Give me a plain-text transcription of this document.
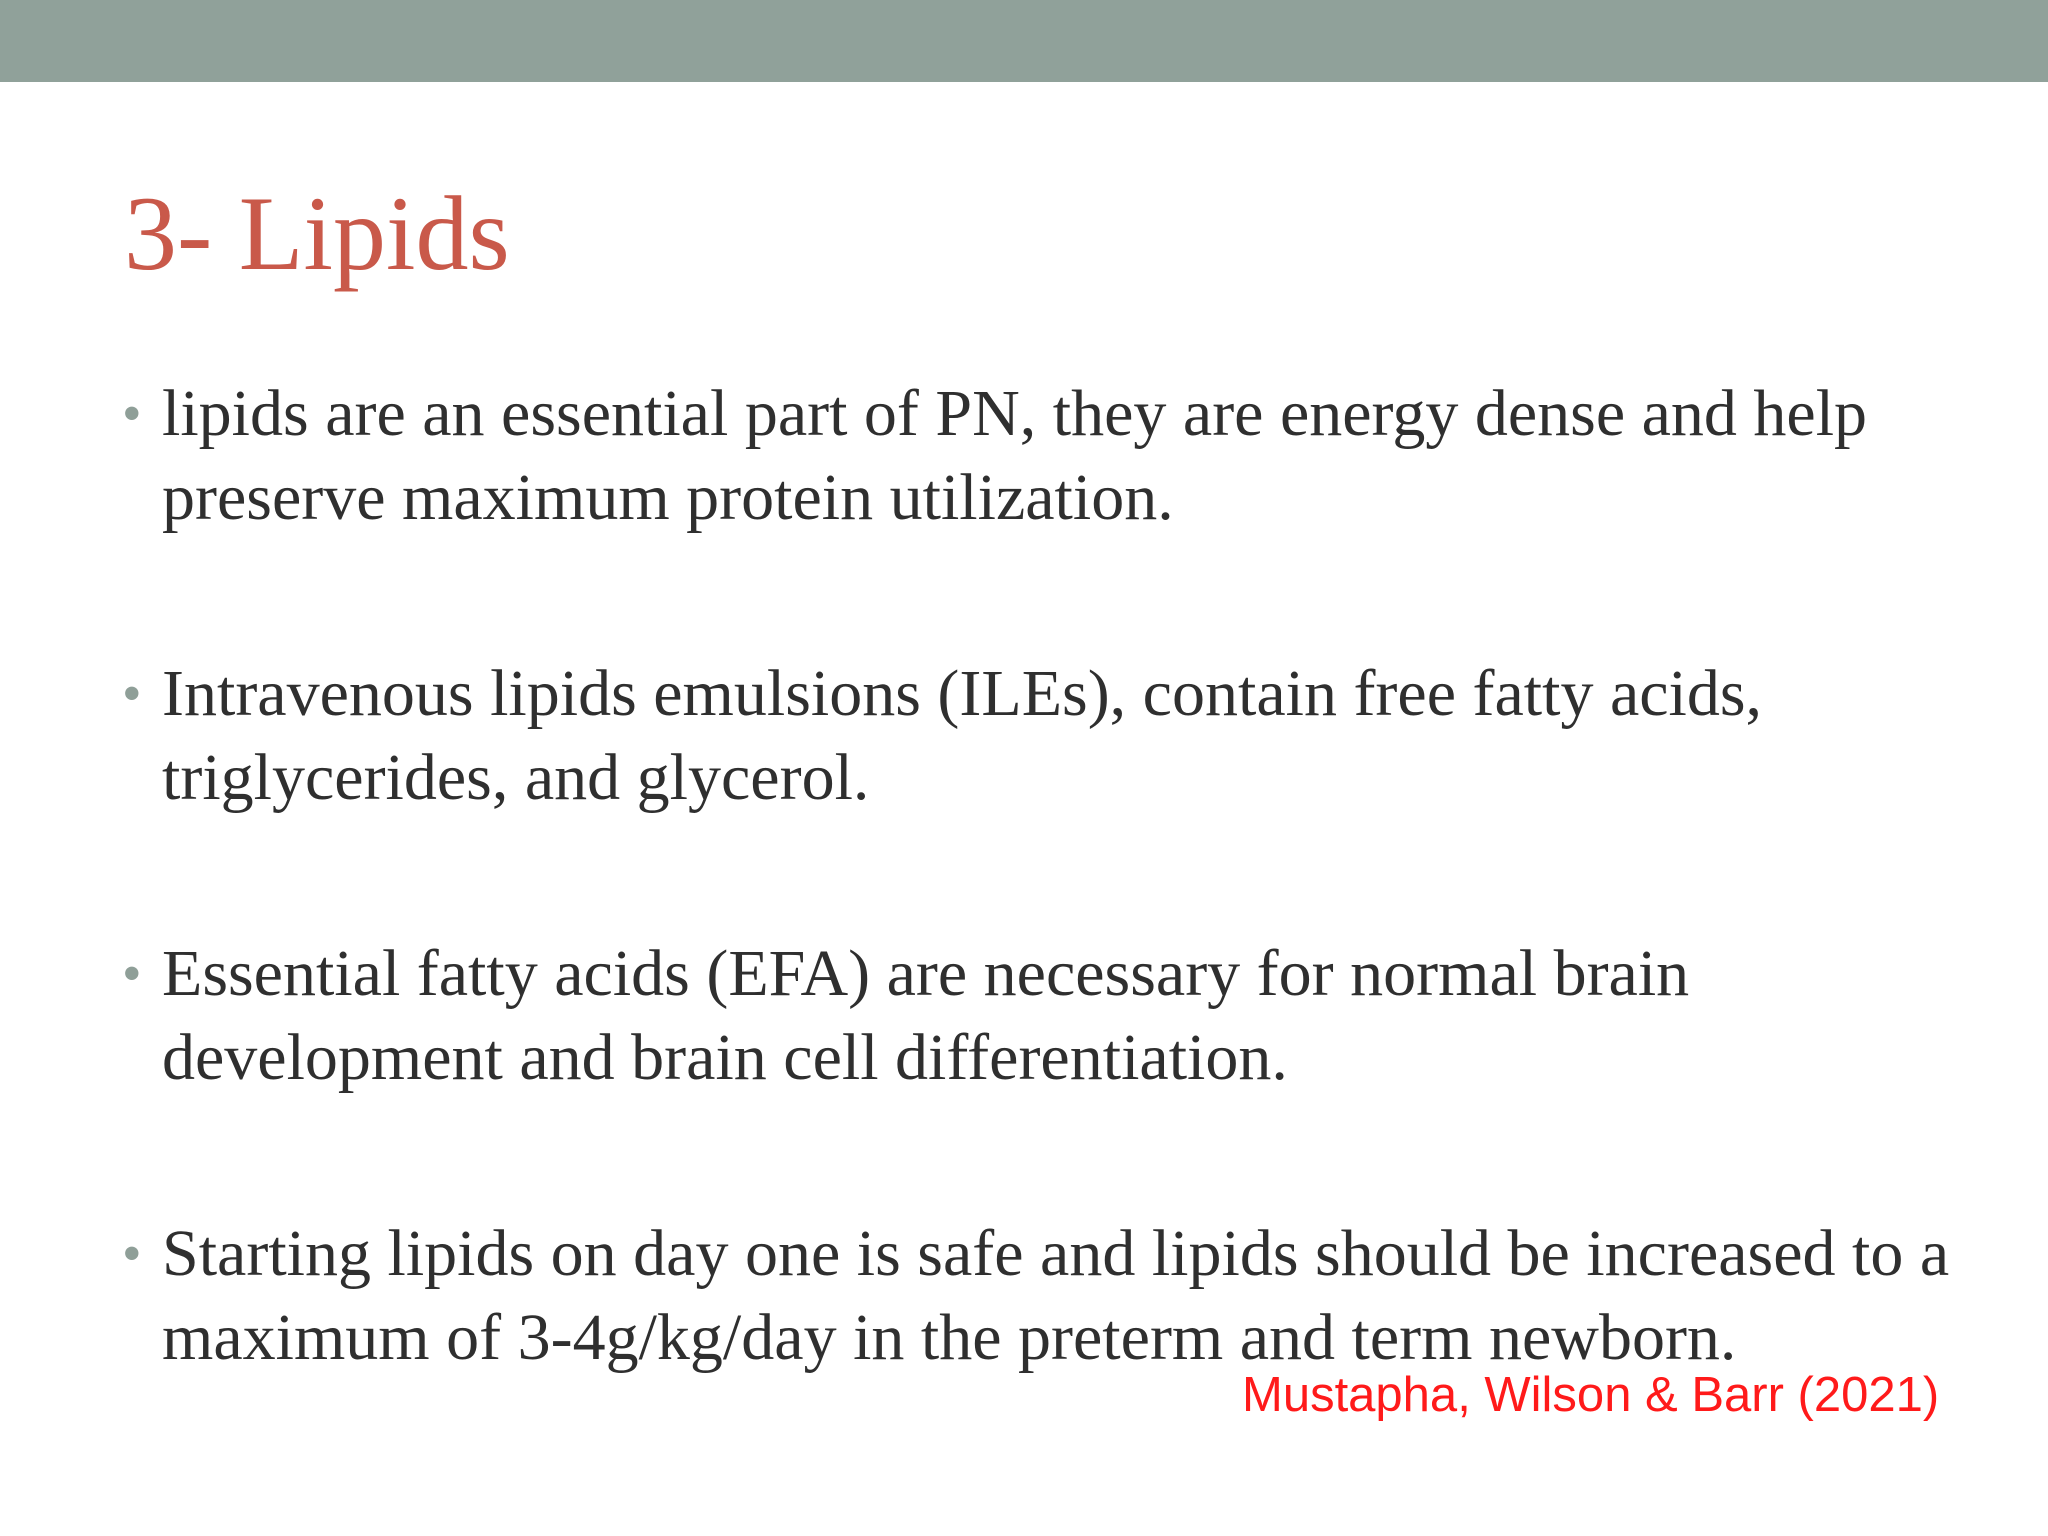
3- Lipids
• lipids are an essential part of PN, they are energy dense and help preserve maximum protein utilization.
• Intravenous lipids emulsions (ILEs), contain free fatty acids, triglycerides, and glycerol.
• Essential fatty acids (EFA) are necessary for normal brain development and brain cell differentiation.
• Starting lipids on day one is safe and lipids should be increased to a maximum of 3-4g/kg/day in the preterm and term newborn.

Mustapha, Wilson & Barr (2021)
